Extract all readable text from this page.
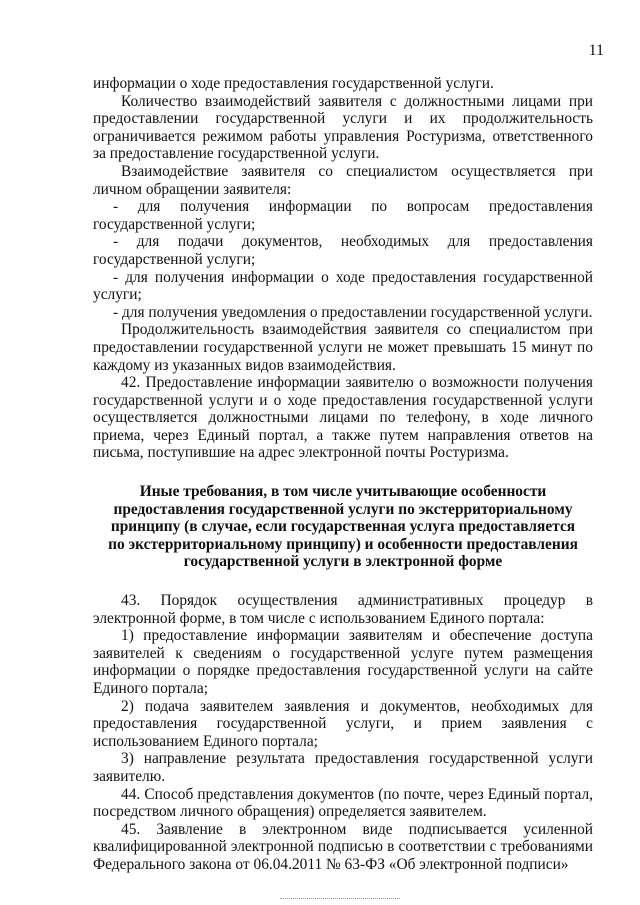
11

информации о ходе предоставления государственной услуги.

Количество взаимодействий заявителя с должностными лицами при предоставлении государственной услуги и их продолжительность ограничивается режимом работы управления Ростуризма, ответственного за предоставление государственной услуги.

Взаимодействие заявителя со специалистом осуществляется при личном обращении заявителя:

- для получения информации по вопросам предоставления государственной услуги;

- для подачи документов, необходимых для предоставления государственной услуги;

- для получения информации о ходе предоставления государственной услуги;

- для получения уведомления о предоставлении государственной услуги.

Продолжительность взаимодействия заявителя со специалистом при предоставлении государственной услуги не может превышать 15 минут по каждому из указанных видов взаимодействия.

42. Предоставление информации заявителю о возможности получения государственной услуги и о ходе предоставления государственной услуги осуществляется должностными лицами по телефону, в ходе личного приема, через Единый портал, а также путем направления ответов на письма, поступившие на адрес электронной почты Ростуризма.

Иные требования, в том числе учитывающие особенности предоставления государственной услуги по экстерриториальному принципу (в случае, если государственная услуга предоставляется по экстерриториальному принципу) и особенности предоставления государственной услуги в электронной форме

43. Порядок осуществления административных процедур в электронной форме, в том числе с использованием Единого портала:

1) предоставление информации заявителям и обеспечение доступа заявителей к сведениям о государственной услуге путем размещения информации о порядке предоставления государственной услуги на сайте Единого портала;

2) подача заявителем заявления и документов, необходимых для предоставления государственной услуги, и прием заявления с использованием Единого портала;

3) направление результата предоставления государственной услуги заявителю.

44. Способ представления документов (по почте, через Единый портал, посредством личного обращения) определяется заявителем.

45. Заявление в электронном виде подписывается усиленной квалифицированной электронной подписью в соответствии с требованиями Федерального закона от 06.04.2011 № 63-ФЗ «Об электронной подписи»
